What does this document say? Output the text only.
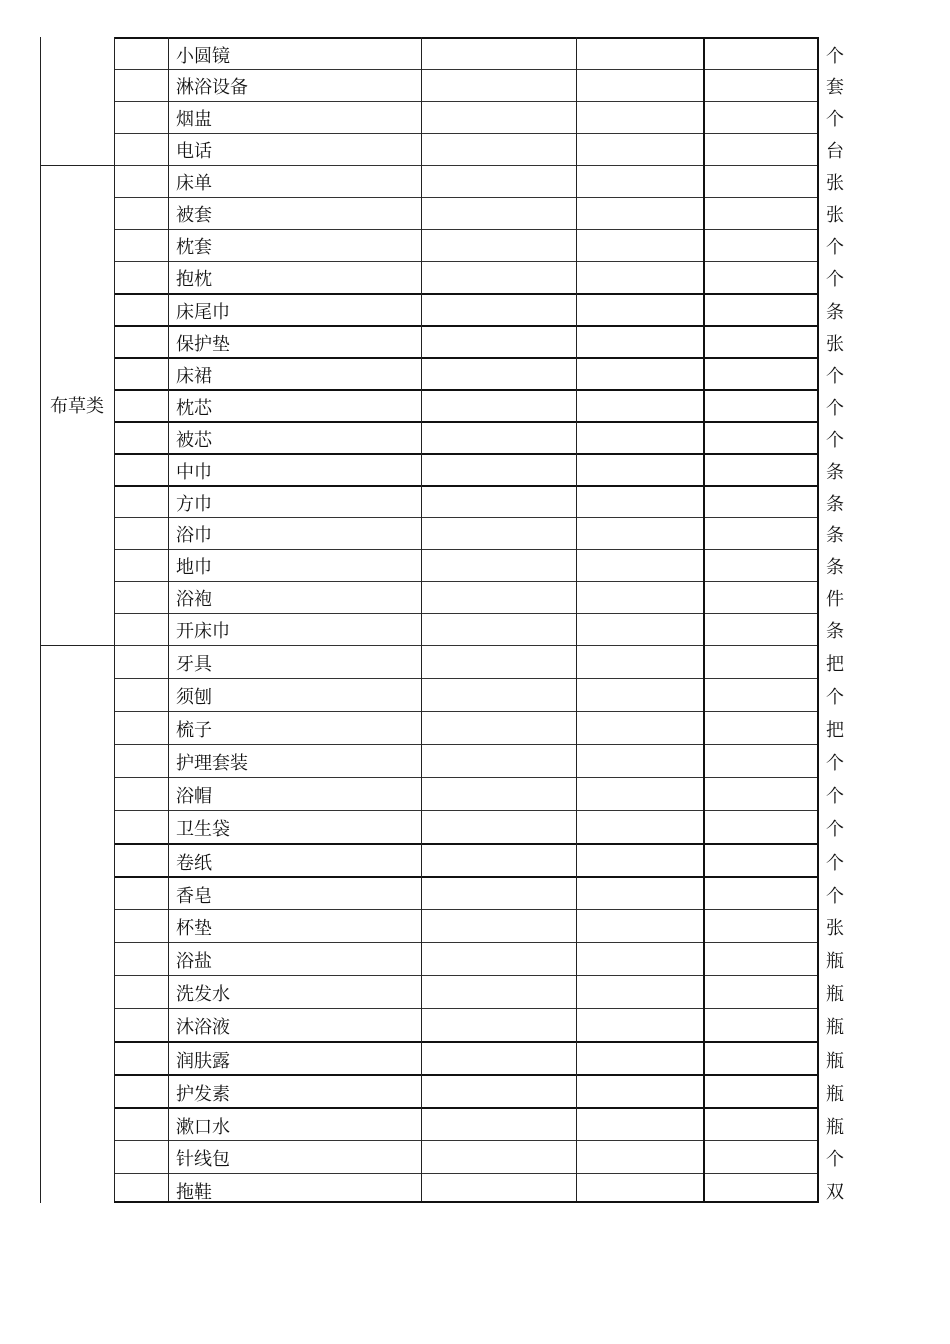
小圆镜	个
淋浴设备	套
烟盅	个
电话	台
床单	张
被套	张
枕套	个
抱枕	个
床尾巾	条
保护垫	张
床裙	个
枕芯	个
被芯	个
中巾	条
方巾	条
浴巾	条
地巾	条
浴袍	件
开床巾	条
牙具	把
须刨	个
梳子	把
护理套装	个
浴帽	个
卫生袋	个
卷纸	个
香皂	个
杯垫	张
浴盐	瓶
洗发水	瓶
沐浴液	瓶
润肤露	瓶
护发素	瓶
漱口水	瓶
针线包	个
拖鞋	双
布草类
